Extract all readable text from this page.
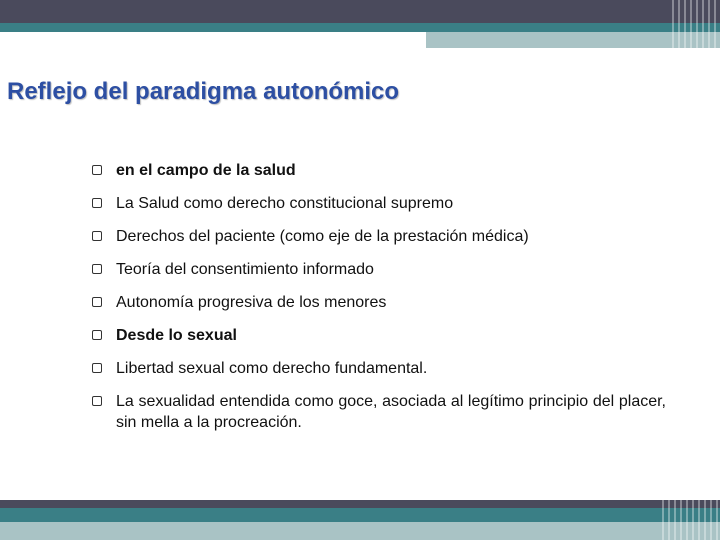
Reflejo del paradigma autonómico
en el campo de la salud
La Salud como derecho constitucional supremo
Derechos del paciente (como eje de la prestación médica)
Teoría del consentimiento informado
Autonomía progresiva de los menores
Desde lo sexual
Libertad sexual como derecho fundamental.
La sexualidad entendida como goce, asociada al legítimo principio del placer, sin mella a la procreación.
